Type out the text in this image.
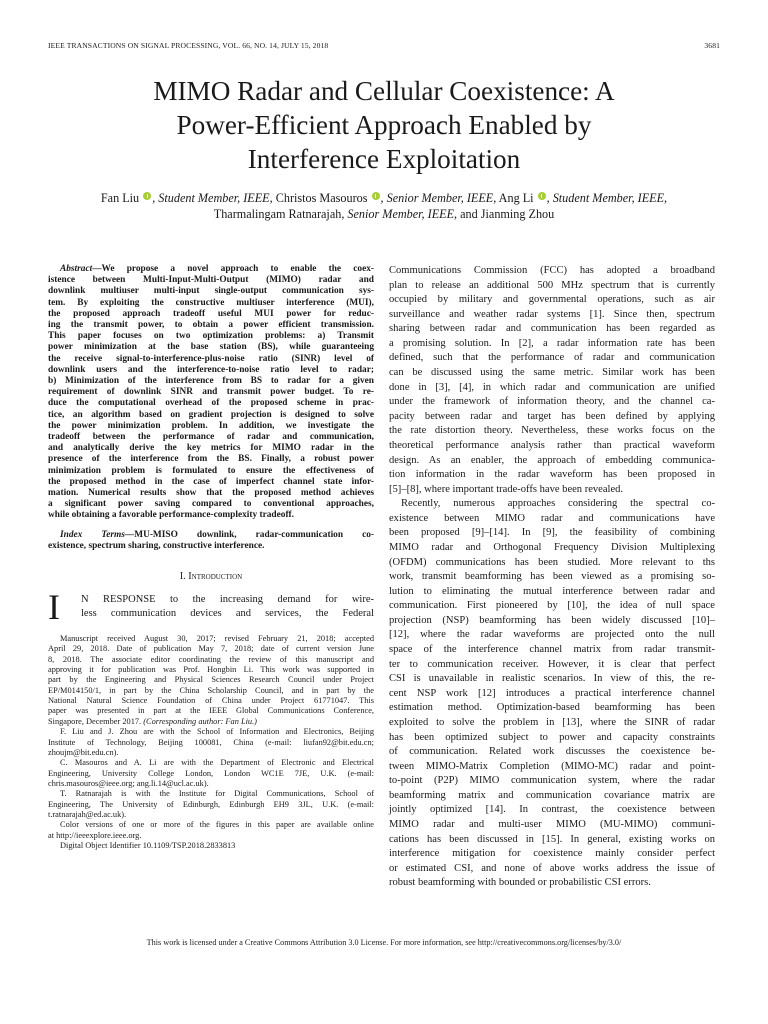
IEEE TRANSACTIONS ON SIGNAL PROCESSING, VOL. 66, NO. 14, JULY 15, 2018	3681
MIMO Radar and Cellular Coexistence: A
Power-Efficient Approach Enabled by
Interference Exploitation
Fan Liu , Student Member, IEEE, Christos Masouros , Senior Member, IEEE, Ang Li , Student Member, IEEE,
Tharmalingam Ratnarajah, Senior Member, IEEE, and Jianming Zhou
Abstract—We propose a novel approach to enable the coex-
istence between Multi-Input-Multi-Output (MIMO) radar and
downlink multiuser multi-input single-output communication sys-
tem. By exploiting the constructive multiuser interference (MUI),
the proposed approach tradeoff useful MUI power for reduc-
ing the transmit power, to obtain a power efficient transmission.
This paper focuses on two optimization problems: a) Transmit
power minimization at the base station (BS), while guaranteeing
the receive signal-to-interference-plus-noise ratio (SINR) level of
downlink users and the interference-to-noise ratio level to radar;
b) Minimization of the interference from BS to radar for a given
requirement of downlink SINR and transmit power budget. To re-
duce the computational overhead of the proposed scheme in prac-
tice, an algorithm based on gradient projection is designed to solve
the power minimization problem. In addition, we investigate the
tradeoff between the performance of radar and communication,
and analytically derive the key metrics for MIMO radar in the
presence of the interference from the BS. Finally, a robust power
minimization problem is formulated to ensure the effectiveness of
the proposed method in the case of imperfect channel state infor-
mation. Numerical results show that the proposed method achieves
a significant power saving compared to conventional approaches,
while obtaining a favorable performance-complexity tradeoff.
Index Terms—MU-MISO downlink, radar-communication co-
existence, spectrum sharing, constructive interference.
I. Introduction
I N RESPONSE to the increasing demand for wire-
less communication devices and services, the Federal
Manuscript received August 30, 2017; revised February 21, 2018; accepted
April 29, 2018. Date of publication May 7, 2018; date of current version June
8, 2018. The associate editor coordinating the review of this manuscript and
approving it for publication was Prof. Hongbin Li. This work was supported in
part by the Engineering and Physical Sciences Research Council under Project
EP/M014150/1, in part by the China Scholarship Council, and in part by the
National Natural Science Foundation of China under Project 61771047. This
paper was presented in part at the IEEE Global Communications Conference,
Singapore, December 2017. (Corresponding author: Fan Liu.)
F. Liu and J. Zhou are with the School of Information and Electronics, Beijing
Institute of Technology, Beijing 100081, China (e-mail: liufan92@bit.edu.cn;
zhoujm@bit.edu.cn).
C. Masouros and A. Li are with the Department of Electronic and Electrical
Engineering, University College London, London WC1E 7JE, U.K. (e-mail:
chris.masouros@ieee.org; ang.li.14@ucl.ac.uk).
T. Ratnarajah is with the Institute for Digital Communications, School of
Engineering, The University of Edinburgh, Edinburgh EH9 3JL, U.K. (e-mail:
t.ratnarajah@ed.ac.uk).
Color versions of one or more of the figures in this paper are available online
at http://ieeexplore.ieee.org.
Digital Object Identifier 10.1109/TSP.2018.2833813
Communications Commission (FCC) has adopted a broadband
plan to release an additional 500 MHz spectrum that is currently
occupied by military and governmental operations, such as air
surveillance and weather radar systems [1]. Since then, spectrum
sharing between radar and communication has been regarded as
a promising solution. In [2], a radar information rate has been
defined, such that the performance of radar and communication
can be discussed using the same metric. Similar work has been
done in [3], [4], in which radar and communication are unified
under the framework of information theory, and the channel ca-
pacity between radar and target has been defined by applying
the rate distortion theory. Nevertheless, these works focus on the
theoretical performance analysis rather than practical waveform
design. As an enabler, the approach of embedding communica-
tion information in the radar waveform has been proposed in
[5]–[8], where important trade-offs have been revealed.
Recently, numerous approaches considering the spectral co-
existence between MIMO radar and communications have
been proposed [9]–[14]. In [9], the feasibility of combining
MIMO radar and Orthogonal Frequency Division Multiplexing
(OFDM) communications has been studied. More relevant to ths
work, transmit beamforming has been viewed as a promising so-
lution to eliminating the mutual interference between radar and
communication. First pioneered by [10], the idea of null space
projection (NSP) beamforming has been widely discussed [10]–
[12], where the radar waveforms are projected onto the null
space of the interference channel matrix from radar transmit-
ter to communication receiver. However, it is clear that perfect
CSI is unavailable in realistic scenarios. In view of this, the re-
cent NSP work [12] introduces a practical interference channel
estimation method. Optimization-based beamforming has been
exploited to solve the problem in [13], where the SINR of radar
has been optimized subject to power and capacity constraints
of communication. Related work discusses the coexistence be-
tween MIMO-Matrix Completion (MIMO-MC) radar and point-
to-point (P2P) MIMO communication system, where the radar
beamforming matrix and communication covariance matrix are
jointly optimized [14]. In contrast, the coexistence between
MIMO radar and multi-user MIMO (MU-MIMO) communi-
cations has been discussed in [15]. In general, existing works on
interference mitigation for coexistence mainly consider perfect
or estimated CSI, and none of above works address the issue of
robust beamforming with bounded or probabilistic CSI errors.
This work is licensed under a Creative Commons Attribution 3.0 License. For more information, see http://creativecommons.org/licenses/by/3.0/
